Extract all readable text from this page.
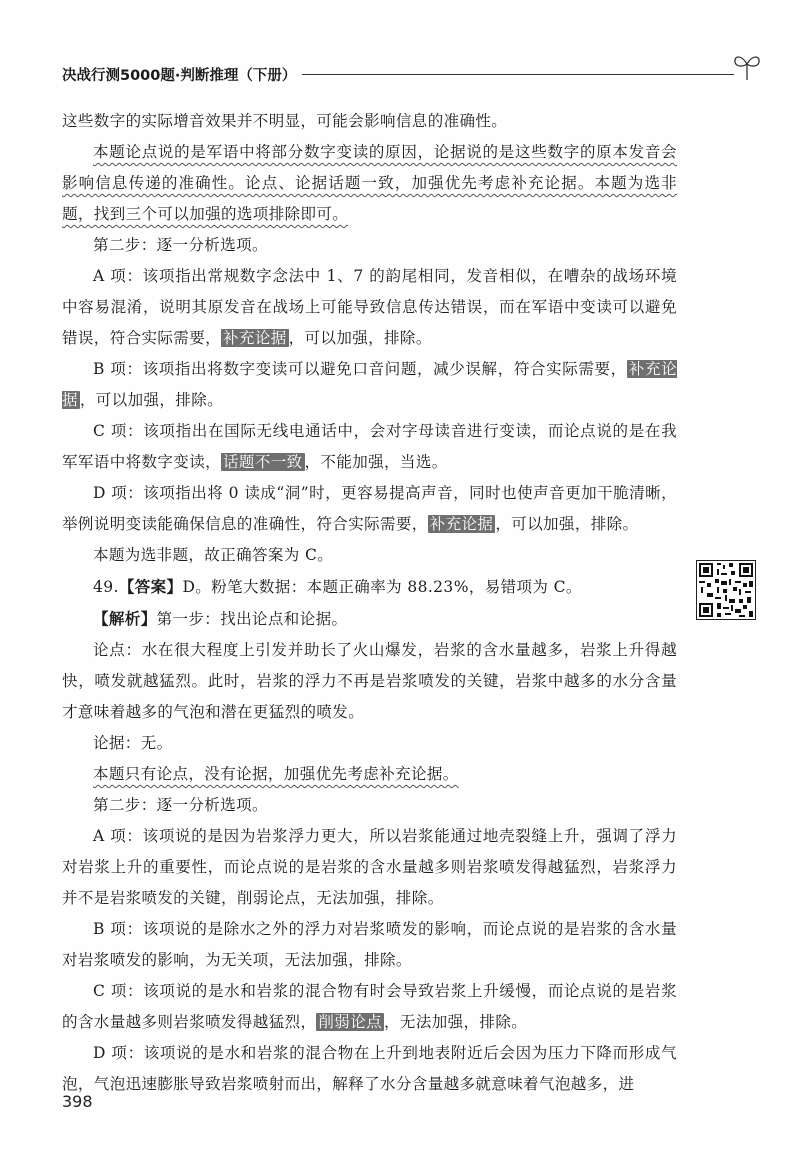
决战行测5000题·判断推理（下册）

这些数字的实际增音效果并不明显，可能会影响信息的准确性。

本题论点说的是军语中将部分数字变读的原因，论据说的是这些数字的原本发音会影响信息传递的准确性。论点、论据话题一致，加强优先考虑补充论据。本题为选非题，找到三个可以加强的选项排除即可。

第二步：逐一分析选项。

A 项：该项指出常规数字念法中 1、7 的韵尾相同，发音相似，在嘈杂的战场环境中容易混淆，说明其原发音在战场上可能导致信息传达错误，而在军语中变读可以避免错误，符合实际需要， 补充论据 ，可以加强，排除。

B 项：该项指出将数字变读可以避免口音问题，减少误解，符合实际需要， 补充论据 ，可以加强，排除。

C 项：该项指出在国际无线电通话中，会对字母读音进行变读，而论点说的是在我军军语中将数字变读， 话题不一致 ，不能加强，当选。

D 项：该项指出将 0 读成“洞”时，更容易提高声音，同时也使声音更加干脆清晰，举例说明变读能确保信息的准确性，符合实际需要， 补充论据 ，可以加强，排除。

本题为选非题，故正确答案为 C。

49.【答案】D。粉笔大数据：本题正确率为 88.23%，易错项为 C。

【解析】第一步：找出论点和论据。

论点：水在很大程度上引发并助长了火山爆发，岩浆的含水量越多，岩浆上升得越快，喷发就越猛烈。此时，岩浆的浮力不再是岩浆喷发的关键，岩浆中越多的水分含量才意味着越多的气泡和潜在更猛烈的喷发。

论据：无。

本题只有论点，没有论据，加强优先考虑补充论据。

第二步：逐一分析选项。

A 项：该项说的是因为岩浆浮力更大，所以岩浆能通过地壳裂缝上升，强调了浮力对岩浆上升的重要性，而论点说的是岩浆的含水量越多则岩浆喷发得越猛烈，岩浆浮力并不是岩浆喷发的关键，削弱论点，无法加强，排除。

B 项：该项说的是除水之外的浮力对岩浆喷发的影响，而论点说的是岩浆的含水量对岩浆喷发的影响，为无关项，无法加强，排除。

C 项：该项说的是水和岩浆的混合物有时会导致岩浆上升缓慢，而论点说的是岩浆的含水量越多则岩浆喷发得越猛烈， 削弱论点 ，无法加强，排除。

D 项：该项说的是水和岩浆的混合物在上升到地表附近后会因为压力下降而形成气泡，气泡迅速膨胀导致岩浆喷射而出，解释了水分含量越多就意味着气泡越多，进

398
